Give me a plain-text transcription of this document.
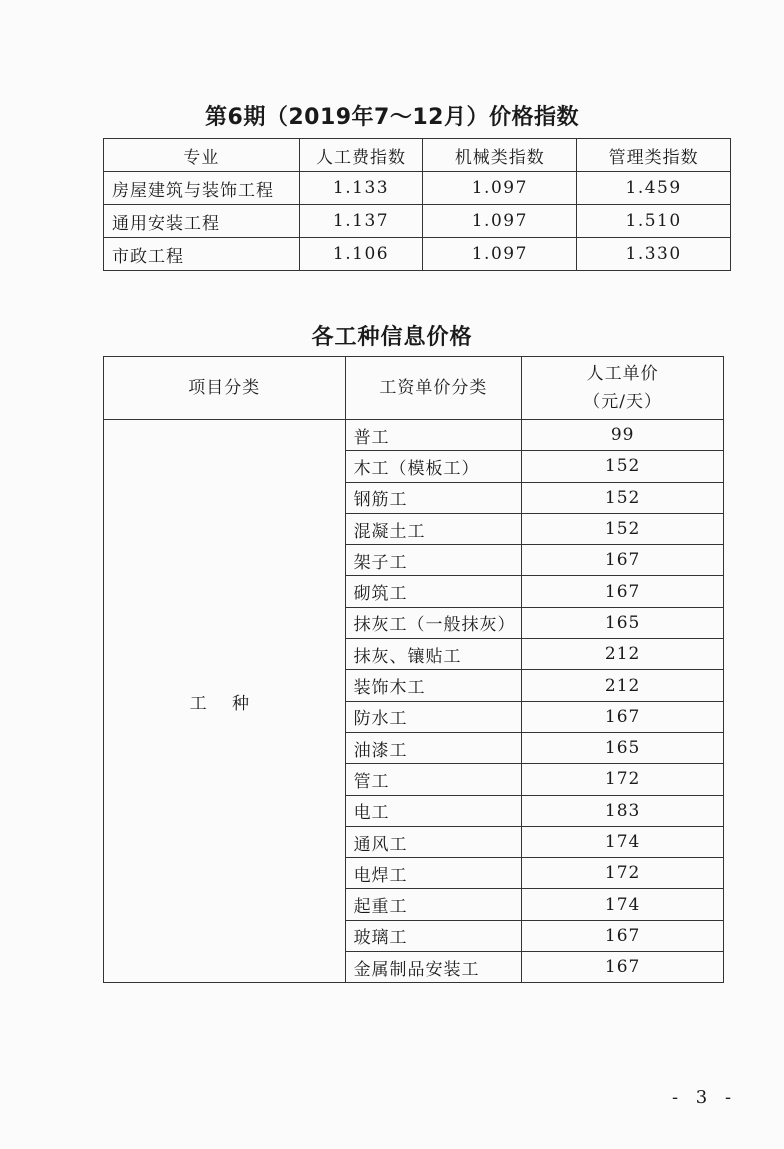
第6期（2019年7～12月）价格指数
专业	人工费指数	机械类指数	管理类指数
房屋建筑与装饰工程	1.133	1.097	1.459
通用安装工程	1.137	1.097	1.510
市政工程	1.106	1.097	1.330
各工种信息价格
项目分类	工资单价分类	人工单价
（元/天）

工 种	普工	99
	木工（模板工）	152
	钢筋工	152
	混凝土工	152
	架子工	167
	砌筑工	167
	抹灰工（一般抹灰）	165
	抹灰、镶贴工	212
	装饰木工	212
	防水工	167
	油漆工	165
	管工	172
	电工	183
	通风工	174
	电焊工	172
	起重工	174
	玻璃工	167
	金属制品安装工	167
- 3 -
